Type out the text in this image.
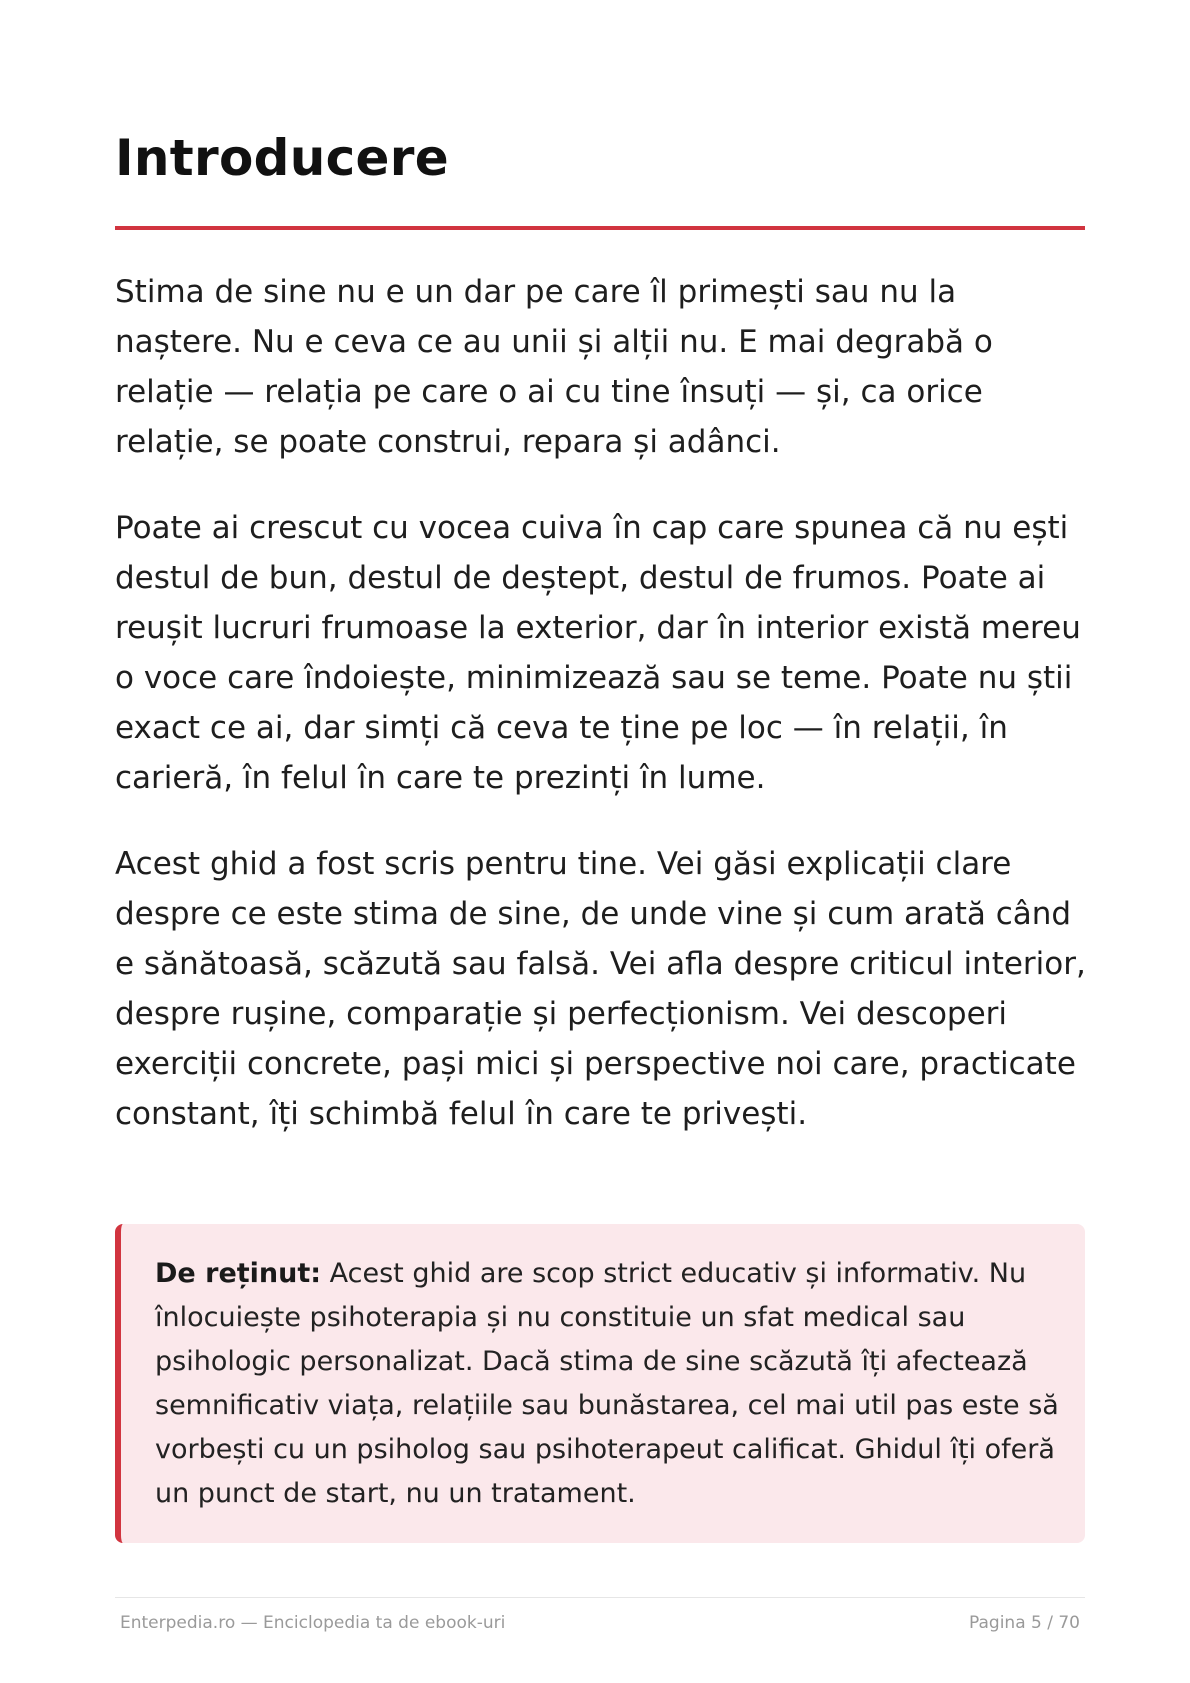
Introducere

Stima de sine nu e un dar pe care îl primești sau nu la naștere. Nu e ceva ce au unii și alții nu. E mai degrabă o relație — relația pe care o ai cu tine însuți — și, ca orice relație, se poate construi, repara și adânci.

Poate ai crescut cu vocea cuiva în cap care spunea că nu ești destul de bun, destul de deștept, destul de frumos. Poate ai reușit lucruri frumoase la exterior, dar în interior există mereu o voce care îndoiește, minimizează sau se teme. Poate nu știi exact ce ai, dar simți că ceva te ține pe loc — în relații, în carieră, în felul în care te prezinți în lume.

Acest ghid a fost scris pentru tine. Vei găsi explicații clare despre ce este stima de sine, de unde vine și cum arată când e sănătoasă, scăzută sau falsă. Vei afla despre criticul interior, despre rușine, comparație și perfecționism. Vei descoperi exerciții concrete, pași mici și perspective noi care, practicate constant, îți schimbă felul în care te privești.

De reținut: Acest ghid are scop strict educativ și informativ. Nu înlocuiește psihoterapia și nu constituie un sfat medical sau psihologic personalizat. Dacă stima de sine scăzută îți afectează semnificativ viața, relațiile sau bunăstarea, cel mai util pas este să vorbești cu un psiholog sau psihoterapeut calificat. Ghidul îți oferă un punct de start, nu un tratament.

Enterpedia.ro — Enciclopedia ta de ebook-uri	Pagina 5 / 70
